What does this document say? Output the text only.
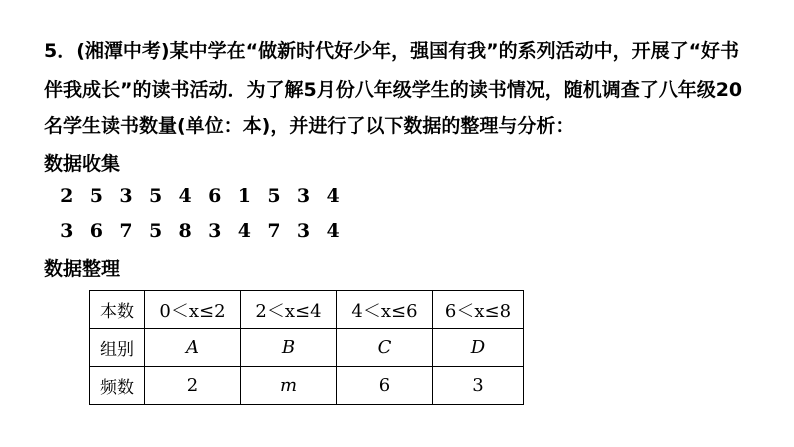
5．(湘潭中考)某中学在“做新时代好少年，强国有我”的系列活动中，开展了“好书
伴我成长”的读书活动．为了解5月份八年级学生的读书情况，随机调查了八年级20
名学生读书数量(单位：本)，并进行了以下数据的整理与分析：
数据收集
2 5 3 5 4 6 1 5 3 4
3 6 7 5 8 3 4 7 3 4
数据整理
本数	0＜x≤2	2＜x≤4	4＜x≤6	6＜x≤8
组别	A	B	C	D
频数	2	m	6	3
